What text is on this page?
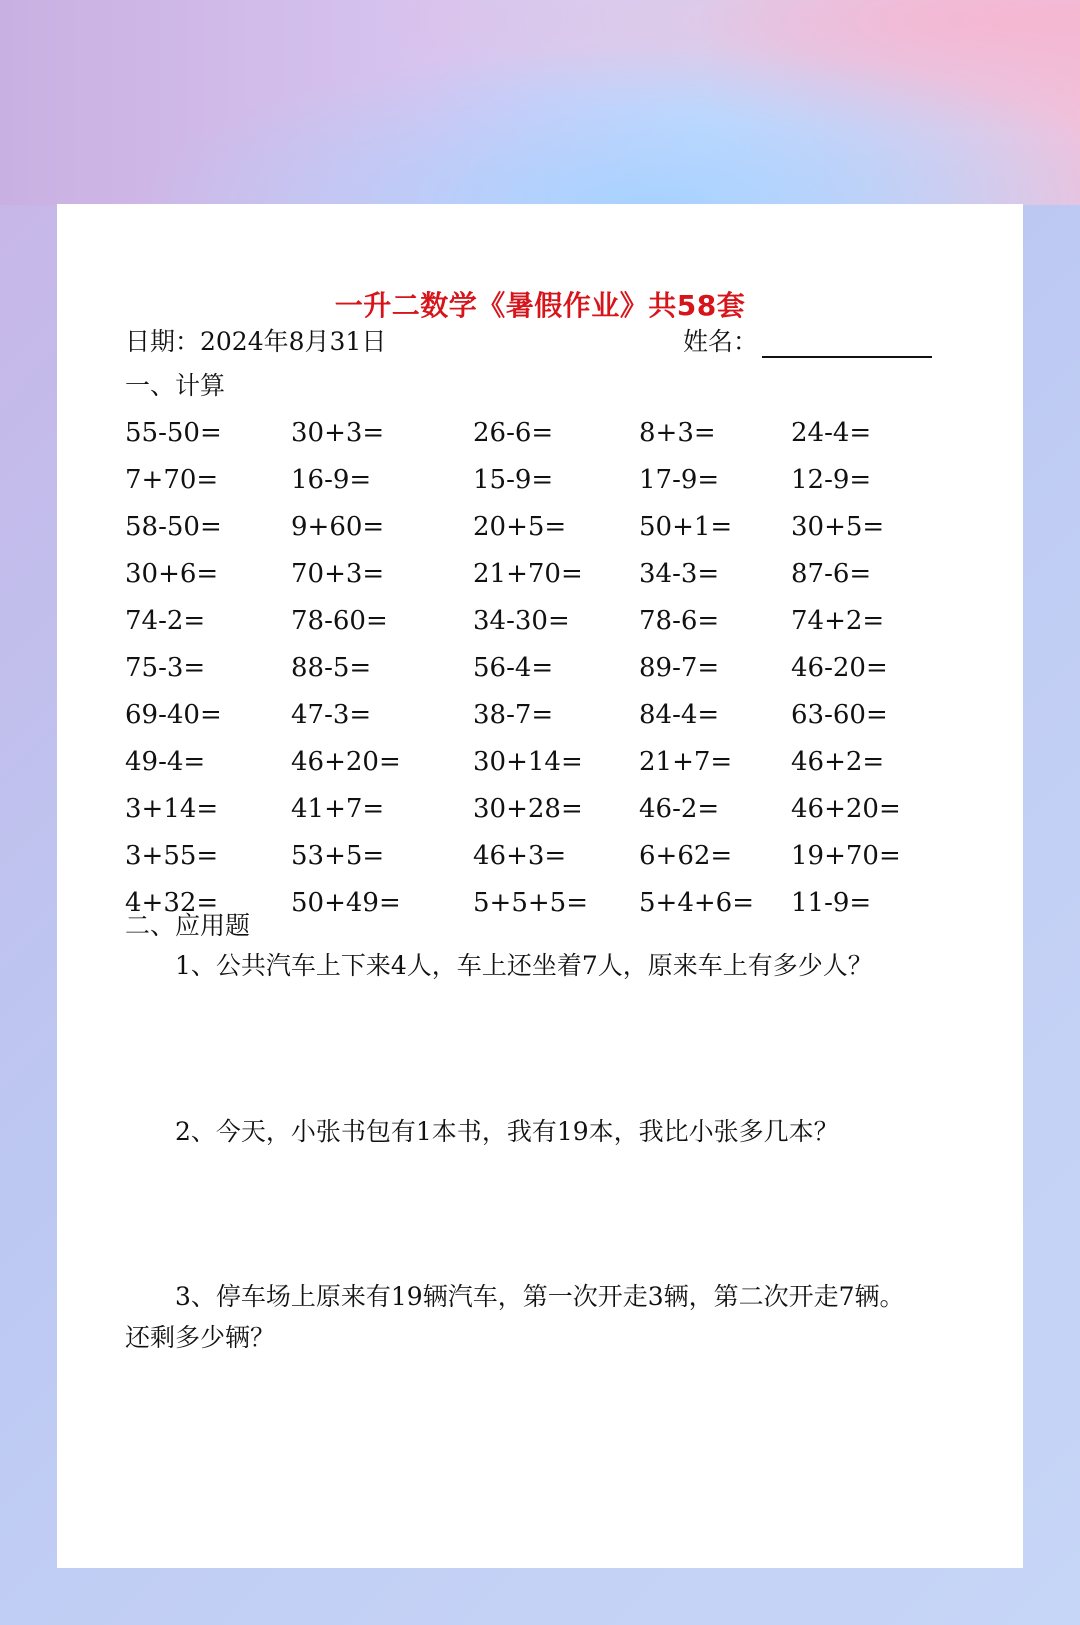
一升二数学《暑假作业》共58套
日期：2024年8月31日	姓名：
一、计算
55-50=	30+3=	26-6=	8+3=	24-4=
7+70=	16-9=	15-9=	17-9=	12-9=
58-50=	9+60=	20+5=	50+1= 30+5=
30+6=	70+3=	21+70= 34-3=	87-6=
74-2=	78-60=	34-30=	78-6=	74+2=
75-3=	88-5=	56-4=	89-7=	46-20=
69-40=	47-3=	38-7=	84-4=	63-60=
49-4=	46+20=	30+14= 21+7= 46+2=
3+14=	41+7=	30+28= 46-2=	46+20=
3+55=	53+5=	46+3=	6+62= 19+70=
4+32=	50+49=	5+5+5= 5+4+6= 11-9=
二、应用题
1、公共汽车上下来4人，车上还坐着7人，原来车上有多少人？
2、今天，小张书包有1本书，我有19本，我比小张多几本？
3、停车场上原来有19辆汽车，第一次开走3辆，第二次开走7辆。
还剩多少辆？
